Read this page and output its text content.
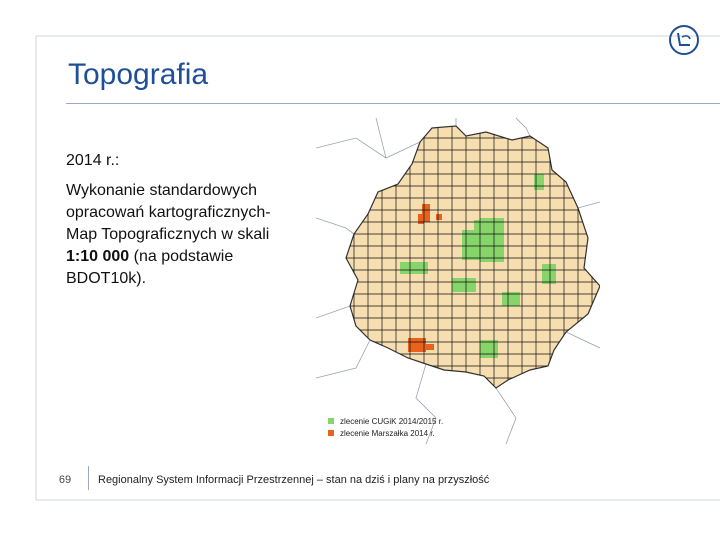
Topografia

2014 r.:

Wykonanie standardowych
opracowań kartograficznych-
Map Topograficznych w skali
1:10 000 (na podstawie
BDOT10k).
zlecenie CUGiK 2014/2015 r.
zlecenie Marszałka 2014 r.
69	Regionalny System Informacji Przestrzennej – stan na dziś i plany na przyszłość
